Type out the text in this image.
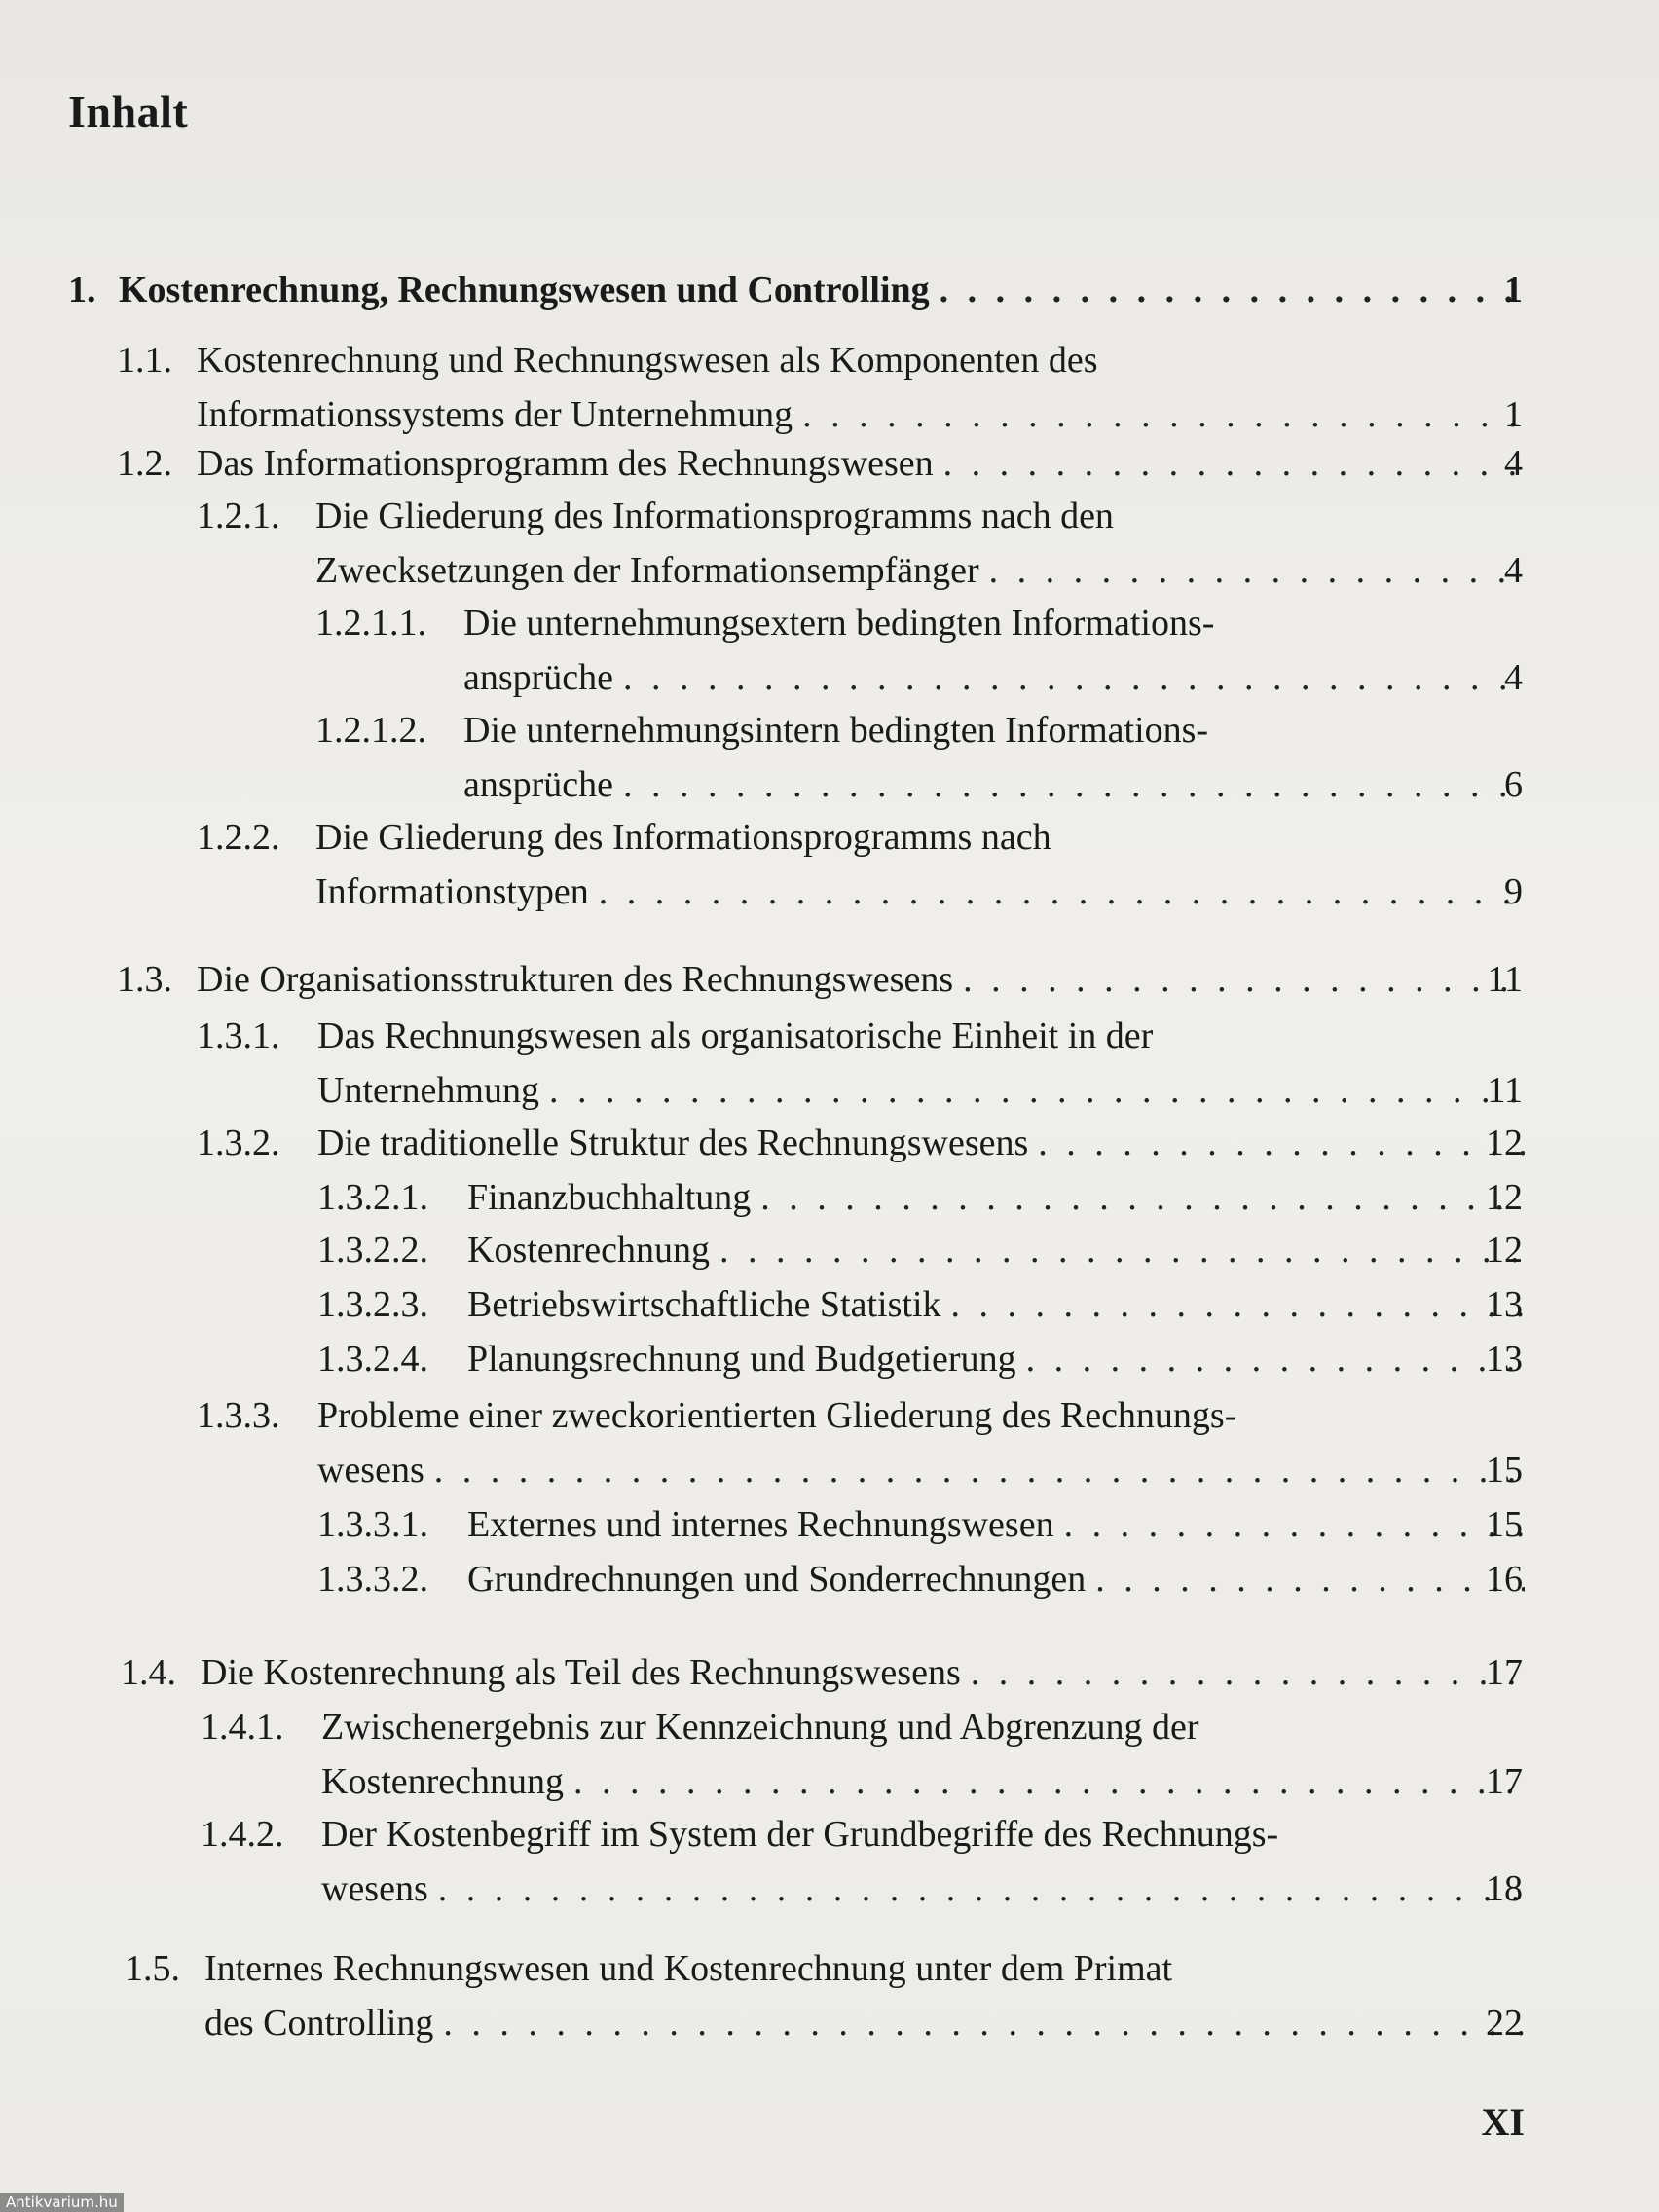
Inhalt
1. Kostenrechnung, Rechnungswesen und Controlling . . .	1
1.1. Kostenrechnung und Rechnungswesen als Komponenten des
Informationssystems der Unternehmung . . .	1
1.2. Das Informationsprogramm des Rechnungswesen . . .	4
1.2.1. Die Gliederung des Informationsprogramms nach den
Zwecksetzungen der Informationsempfänger . . .	4
1.2.1.1. Die unternehmungsextern bedingten Informations-
ansprüche . . .	4
1.2.1.2. Die unternehmungsintern bedingten Informations-
ansprüche . . .	6
1.2.2. Die Gliederung des Informationsprogramms nach
Informationstypen . . .	9
1.3. Die Organisationsstrukturen des Rechnungswesens . . .	11
1.3.1. Das Rechnungswesen als organisatorische Einheit in der
Unternehmung . . .	11
1.3.2. Die traditionelle Struktur des Rechnungswesens . . .	12
1.3.2.1. Finanzbuchhaltung . . .	12
1.3.2.2. Kostenrechnung . . .	12
1.3.2.3. Betriebswirtschaftliche Statistik . . .	13
1.3.2.4. Planungsrechnung und Budgetierung . . .	13
1.3.3. Probleme einer zweckorientierten Gliederung des Rechnungs-
wesens . . .	15
1.3.3.1. Externes und internes Rechnungswesen . . .	15
1.3.3.2. Grundrechnungen und Sonderrechnungen . . .	16
1.4. Die Kostenrechnung als Teil des Rechnungswesens . . .	17
1.4.1. Zwischenergebnis zur Kennzeichnung und Abgrenzung der
Kostenrechnung . . .	17
1.4.2. Der Kostenbegriff im System der Grundbegriffe des Rechnungs-
wesens . . .	18
1.5. Internes Rechnungswesen und Kostenrechnung unter dem Primat
des Controlling . . .	22
XI
Antikvarium.hu
